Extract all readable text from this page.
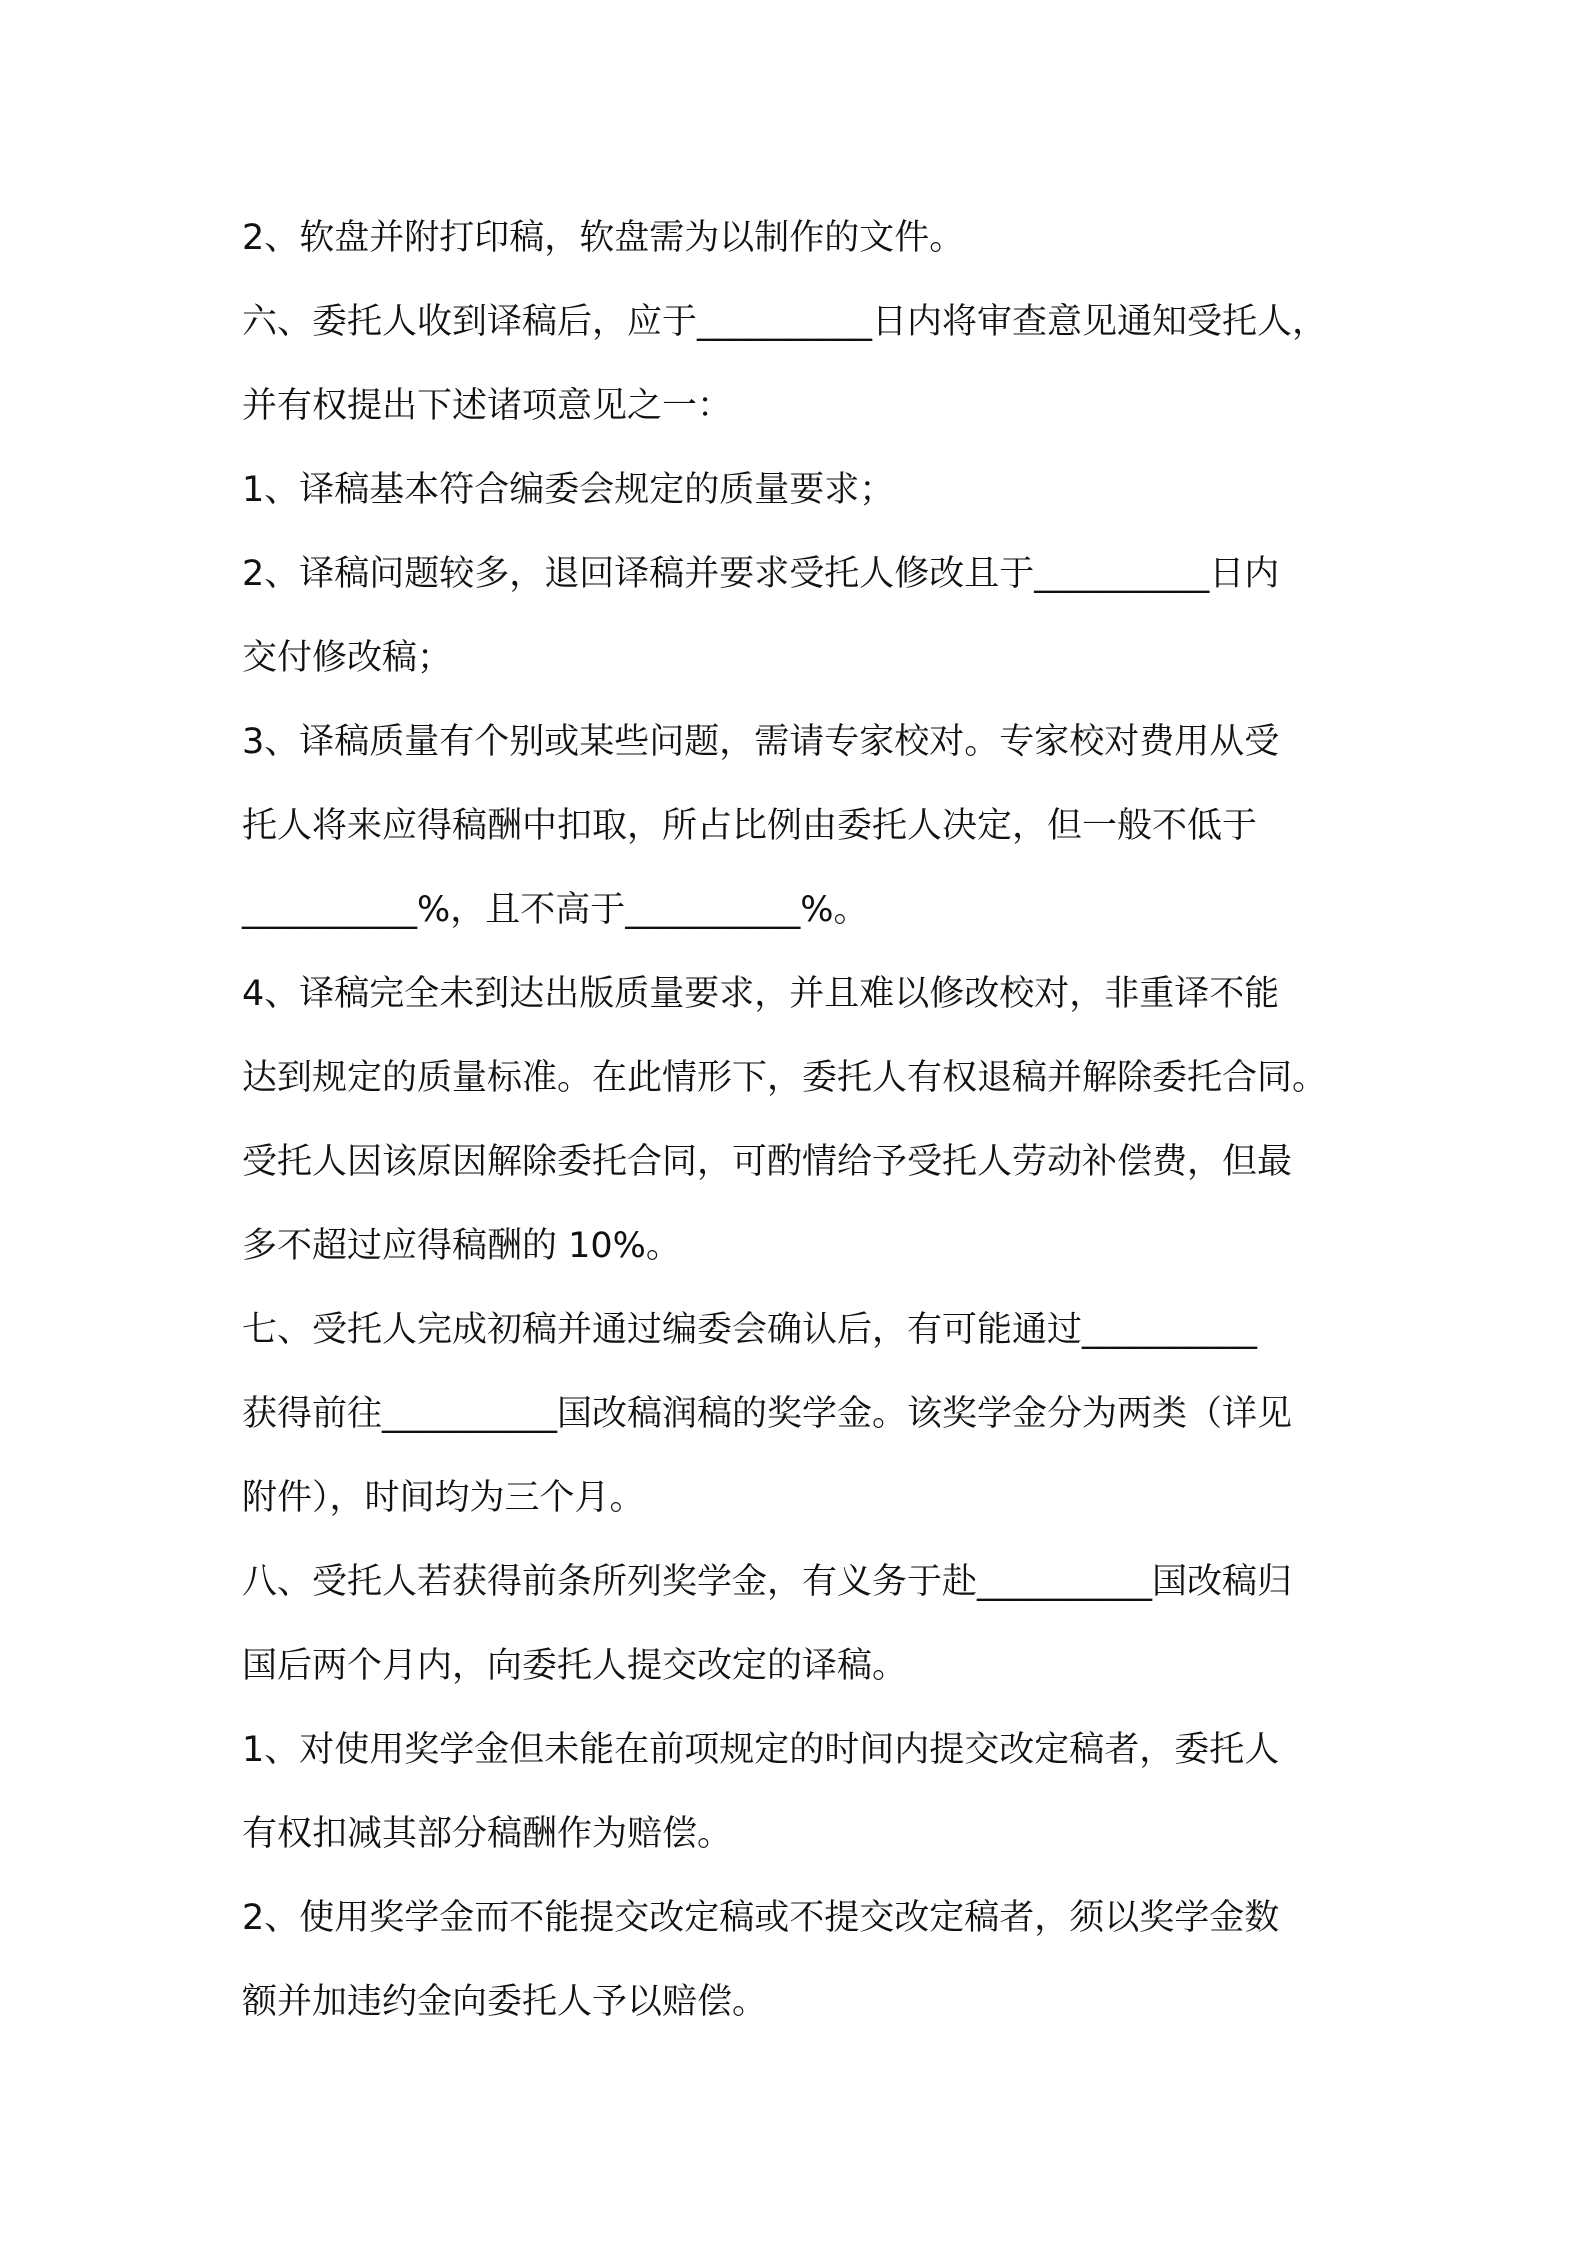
2、软盘并附打印稿，软盘需为以制作的文件。
六、委托人收到译稿后，应于__________日内将审查意见通知受托人，
并有权提出下述诸项意见之一：
1、译稿基本符合编委会规定的质量要求；
2、译稿问题较多，退回译稿并要求受托人修改且于__________日内
交付修改稿；
3、译稿质量有个别或某些问题，需请专家校对。专家校对费用从受
托人将来应得稿酬中扣取，所占比例由委托人决定，但一般不低于
__________%，且不高于__________%。
4、译稿完全未到达出版质量要求，并且难以修改校对，非重译不能
达到规定的质量标准。在此情形下，委托人有权退稿并解除委托合同。
受托人因该原因解除委托合同，可酌情给予受托人劳动补偿费，但最
多不超过应得稿酬的 10%。
七、受托人完成初稿并通过编委会确认后，有可能通过__________
获得前往__________国改稿润稿的奖学金。该奖学金分为两类（详见
附件），时间均为三个月。
八、受托人若获得前条所列奖学金，有义务于赴__________国改稿归
国后两个月内，向委托人提交改定的译稿。
1、对使用奖学金但未能在前项规定的时间内提交改定稿者，委托人
有权扣减其部分稿酬作为赔偿。
2、使用奖学金而不能提交改定稿或不提交改定稿者，须以奖学金数
额并加违约金向委托人予以赔偿。
